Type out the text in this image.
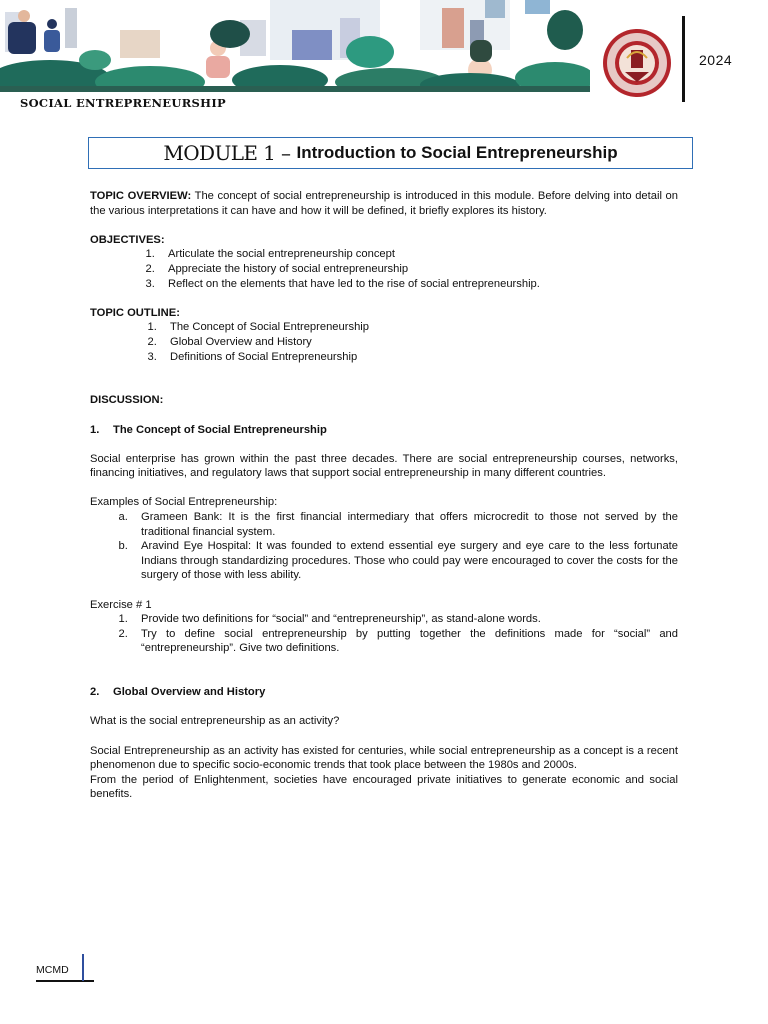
2024
SOCIAL ENTREPRENEURSHIP
MODULE 1 – Introduction to Social Entrepreneurship
TOPIC OVERVIEW: The concept of social entrepreneurship is introduced in this module. Before delving into detail on the various interpretations it can have and how it will be defined, it briefly explores its history.
OBJECTIVES:
1. Articulate the social entrepreneurship concept
2. Appreciate the history of social entrepreneurship
3. Reflect on the elements that have led to the rise of social entrepreneurship.
TOPIC OUTLINE:
1. The Concept of Social Entrepreneurship
2. Global Overview and History
3. Definitions of Social Entrepreneurship
DISCUSSION:
1.	The Concept of Social Entrepreneurship
Social enterprise has grown within the past three decades. There are social entrepreneurship courses, networks, financing initiatives, and regulatory laws that support social entrepreneurship in many different countries.
Examples of Social Entrepreneurship:
a. Grameen Bank: It is the first financial intermediary that offers microcredit to those not served by the traditional financial system.
b. Aravind Eye Hospital: It was founded to extend essential eye surgery and eye care to the less fortunate Indians through standardizing procedures. Those who could pay were encouraged to cover the costs for the surgery of those with less ability.
Exercise # 1
1. Provide two definitions for “social” and “entrepreneurship”, as stand-alone words.
2. Try to define social entrepreneurship by putting together the definitions made for “social” and “entrepreneurship”. Give two definitions.
2.	Global Overview and History
What is the social entrepreneurship as an activity?
Social Entrepreneurship as an activity has existed for centuries, while social entrepreneurship as a concept is a recent phenomenon due to specific socio-economic trends that took place between the 1980s and 2000s.
From the period of Enlightenment, societies have encouraged private initiatives to generate economic and social benefits.
MCMD
